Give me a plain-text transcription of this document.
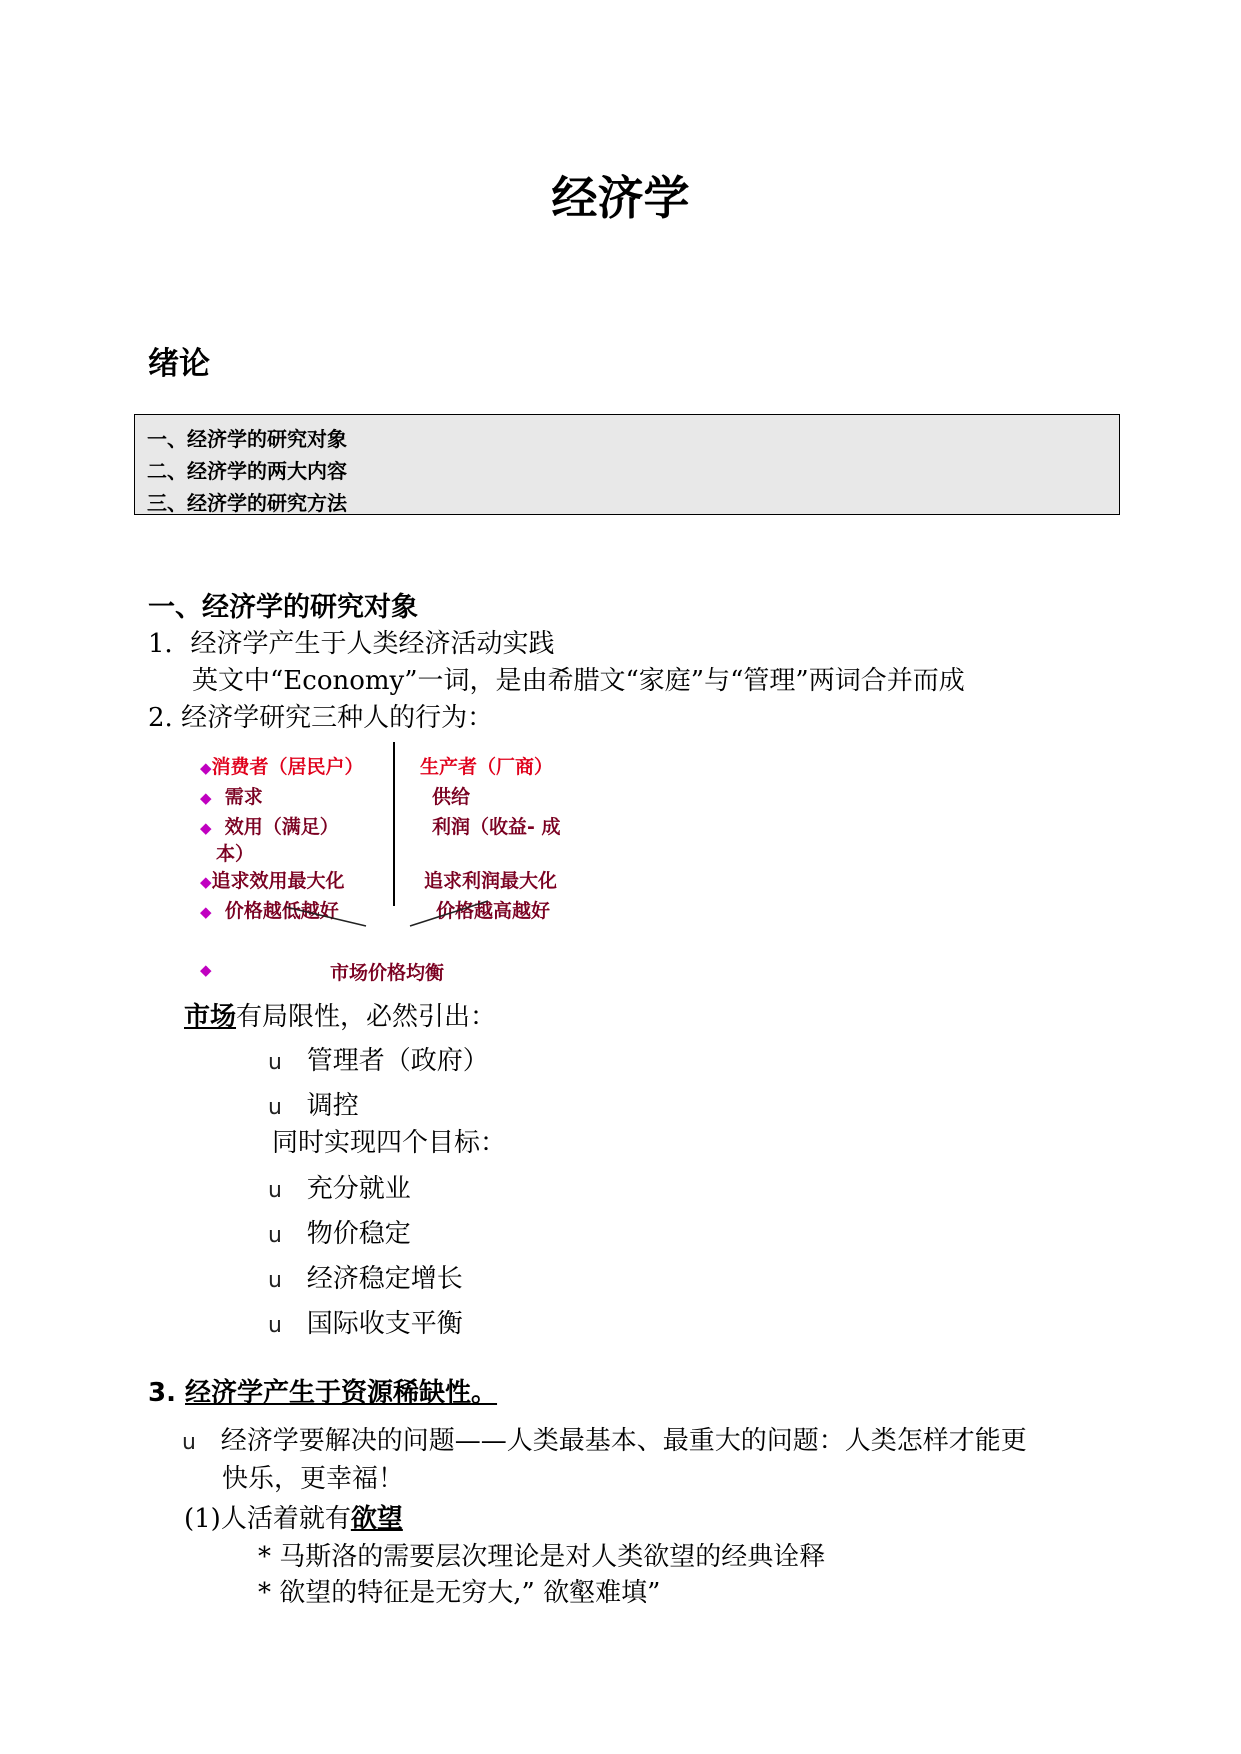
经济学
绪论
一、经济学的研究对象
二、经济学的两大内容
三、经济学的研究方法
一、经济学的研究对象
1．经济学产生于人类经济活动实践
英文中“Economy”一词，是由希腊文“家庭”与“管理”两词合并而成
2. 经济学研究三种人的行为：
◆消费者（居民户）
◆ 需求
◆ 效用（满足）
本）
◆追求效用最大化
◆ 价格越低越好
生产者（厂商）
供给
利润（收益- 成
追求利润最大化
价格越高越好
◆	市场价格均衡
市场有局限性，必然引出：
u 管理者（政府）
u 调控
同时实现四个目标：
u 充分就业
u 物价稳定
u 经济稳定增长
u 国际收支平衡
3. 经济学产生于资源稀缺性。
u 经济学要解决的问题——人类最基本、最重大的问题：人类怎样才能更
快乐，更幸福！
(1)人活着就有欲望
* 马斯洛的需要层次理论是对人类欲望的经典诠释
* 欲望的特征是无穷大,” 欲壑难填”
